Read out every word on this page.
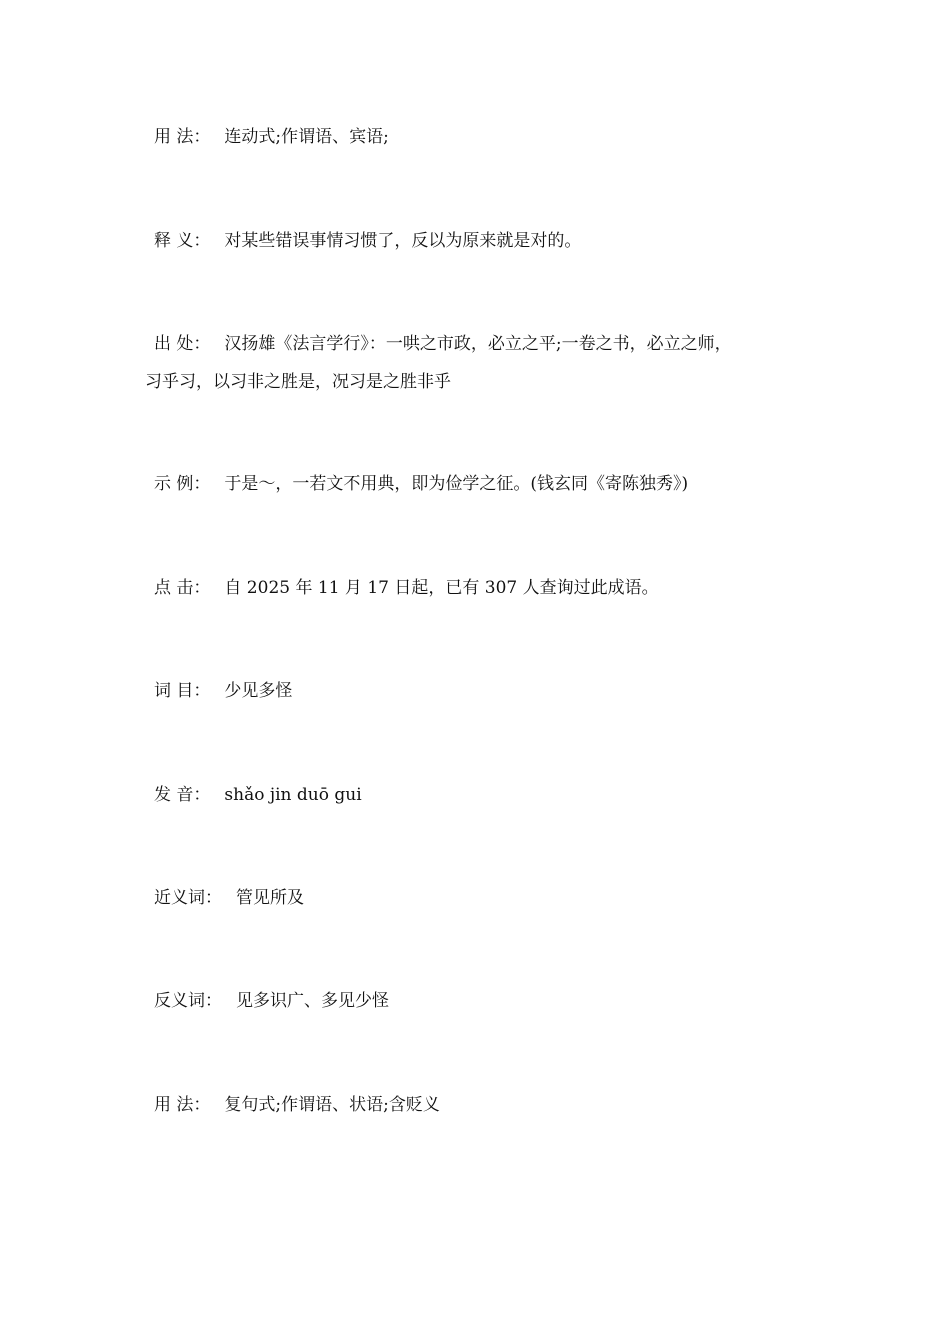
用 法： 连动式;作谓语、宾语;
释 义： 对某些错误事情习惯了，反以为原来就是对的。
出 处： 汉扬雄《法言学行》：一哄之市政，必立之平;一卷之书，必立之师，
习乎习，以习非之胜是，况习是之胜非乎
示 例： 于是～，一若文不用典，即为俭学之征。(钱玄同《寄陈独秀》)
点 击： 自 2025 年 11 月 17 日起，已有 307 人查询过此成语。
词 目： 少见多怪
发 音： shǎo jin duō gui
近义词： 管见所及
反义词： 见多识广、多见少怪
用 法： 复句式;作谓语、状语;含贬义
